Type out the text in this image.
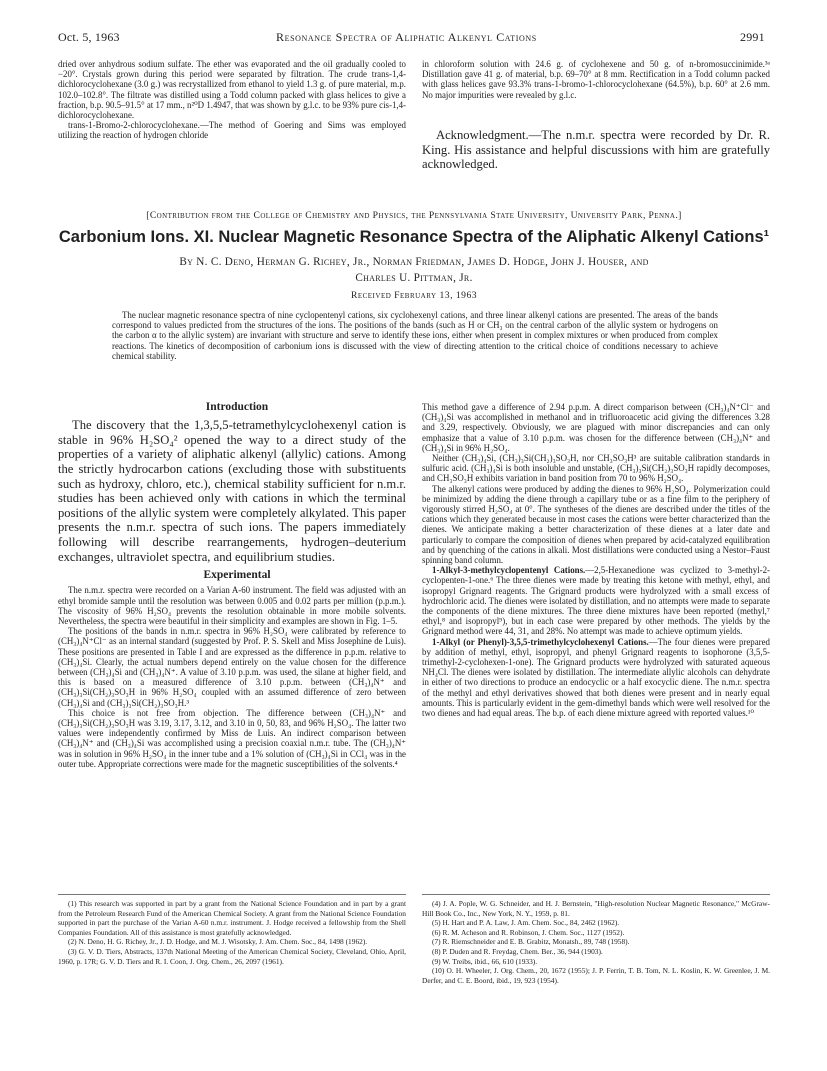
Oct. 5, 1963	Resonance Spectra of Aliphatic Alkenyl Cations	2991

dried over anhydrous sodium sulfate. The ether was evaporated and the oil gradually cooled to −20°. Crystals grown during this period were separated by filtration. The crude trans-1,4-dichlorocyclohexane (3.0 g.) was recrystallized from ethanol to yield 1.3 g. of pure material, m.p. 102.0–102.8°. The filtrate was distilled using a Todd column packed with glass helices to give a fraction, b.p. 90.5–91.5° at 17 mm., n²⁰D 1.4947, that was shown by g.l.c. to be 93% pure cis-1,4-dichlorocyclohexane.

trans-1-Bromo-2-chlorocyclohexane.—The method of Goering and Sims was employed utilizing the reaction of hydrogen chloride

in chloroform solution with 24.6 g. of cyclohexene and 50 g. of n-bromosuccinimide.³ᵃ Distillation gave 41 g. of material, b.p. 69–70° at 8 mm. Rectification in a Todd column packed with glass helices gave 93.3% trans-1-bromo-1-chlorocyclohexane (64.5%), b.p. 60° at 2.6 mm. No major impurities were revealed by g.l.c.

Acknowledgment.—The n.m.r. spectra were recorded by Dr. R. King. His assistance and helpful discussions with him are gratefully acknowledged.

[Contribution from the College of Chemistry and Physics, the Pennsylvania State University, University Park, Penna.]
Carbonium Ions. XI. Nuclear Magnetic Resonance Spectra of the Aliphatic Alkenyl Cations¹
By N. C. Deno, Herman G. Richey, Jr., Norman Friedman, James D. Hodge, John J. Houser, and
Charles U. Pittman, Jr.
Received February 13, 1963

The nuclear magnetic resonance spectra of nine cyclopentenyl cations, six cyclohexenyl cations, and three linear alkenyl cations are presented. The areas of the bands correspond to values predicted from the structures of the ions. The positions of the bands (such as H or CH₃ on the central carbon of the allylic system or hydrogens on the carbon α to the allylic system) are invariant with structure and serve to identify these ions, either when present in complex mixtures or when produced from complex reactions. The kinetics of decomposition of carbonium ions is discussed with the view of directing attention to the critical choice of conditions necessary to achieve chemical stability.

Introduction

The discovery that the 1,3,5,5-tetramethylcyclohexenyl cation is stable in 96% H₂SO₄² opened the way to a direct study of the properties of a variety of aliphatic alkenyl (allylic) cations. Among the strictly hydrocarbon cations (excluding those with substituents such as hydroxy, chloro, etc.), chemical stability sufficient for n.m.r. studies has been achieved only with cations in which the terminal positions of the allylic system were completely alkylated. This paper presents the n.m.r. spectra of such ions. The papers immediately following will describe rearrangements, hydrogen–deuterium exchanges, ultraviolet spectra, and equilibrium studies.

Experimental

The n.m.r. spectra were recorded on a Varian A-60 instrument. The field was adjusted with an ethyl bromide sample until the resolution was between 0.005 and 0.02 parts per million (p.p.m.). The viscosity of 96% H₂SO₄ prevents the resolution obtainable in more mobile solvents. Nevertheless, the spectra were beautiful in their simplicity and examples are shown in Fig. 1–5.

The positions of the bands in n.m.r. spectra in 96% H₂SO₄ were calibrated by reference to (CH₃)₄N⁺Cl⁻ as an internal standard (suggested by Prof. P. S. Skell and Miss Josephine de Luis). These positions are presented in Table I and are expressed as the difference in p.p.m. relative to (CH₃)₄Si. Clearly, the actual numbers depend entirely on the value chosen for the difference between (CH₃)₄Si and (CH₃)₄N⁺. A value of 3.10 p.p.m. was used, the silane at higher field, and this is based on a measured difference of 3.10 p.p.m. between (CH₃)₄N⁺ and (CH₃)₃Si(CH₂)₃SO₃H in 96% H₂SO₄ coupled with an assumed difference of zero between (CH₃)₄Si and (CH₃)₃Si(CH₂)₃SO₃H.³

This choice is not free from objection. The difference between (CH₃)₄N⁺ and (CH₃)₃Si(CH₂)₃SO₃H was 3.19, 3.17, 3.12, and 3.10 in 0, 50, 83, and 96% H₂SO₄. The latter two values were independently confirmed by Miss de Luis. An indirect comparison between (CH₃)₄N⁺ and (CH₃)₄Si was accomplished using a precision coaxial n.m.r. tube. The (CH₃)₄N⁺ was in solution in 96% H₂SO₄ in the inner tube and a 1% solution of (CH₃)₄Si in CCl₄ was in the outer tube. Appropriate corrections were made for the magnetic susceptibilities of the solvents.⁴

This method gave a difference of 2.94 p.p.m. A direct comparison between (CH₃)₄N⁺Cl⁻ and (CH₃)₄Si was accomplished in methanol and in trifluoroacetic acid giving the differences 3.28 and 3.29, respectively. Obviously, we are plagued with minor discrepancies and can only emphasize that a value of 3.10 p.p.m. was chosen for the difference between (CH₃)₄N⁺ and (CH₃)₄Si in 96% H₂SO₄.

Neither (CH₃)₄Si, (CH₃)₃Si(CH₂)₃SO₃H, nor CH₃SO₃H³ are suitable calibration standards in sulfuric acid. (CH₃)₄Si is both insoluble and unstable, (CH₃)₃Si(CH₂)₃SO₃H rapidly decomposes, and CH₃SO₃H exhibits variation in band position from 70 to 96% H₂SO₄.

The alkenyl cations were produced by adding the dienes to 96% H₂SO₄. Polymerization could be minimized by adding the diene through a capillary tube or as a fine film to the periphery of vigorously stirred H₂SO₄ at 0°. The syntheses of the dienes are described under the titles of the cations which they generated because in most cases the cations were better characterized than the dienes. We anticipate making a better characterization of these dienes at a later date and particularly to compare the composition of dienes when prepared by acid-catalyzed equilibration and by quenching of the cations in alkali. Most distillations were conducted using a Nestor–Faust spinning band column.

1-Alkyl-3-methylcyclopentenyl Cations.—2,5-Hexanedione was cyclized to 3-methyl-2-cyclopenten-1-one.⁶ The three dienes were made by treating this ketone with methyl, ethyl, and isopropyl Grignard reagents. The Grignard products were hydrolyzed with a small excess of hydrochloric acid. The dienes were isolated by distillation, and no attempts were made to separate the components of the diene mixtures. The three diene mixtures have been reported (methyl,⁷ ethyl,⁸ and isopropyl⁹), but in each case were prepared by other methods. The yields by the Grignard method were 44, 31, and 28%. No attempt was made to achieve optimum yields.

1-Alkyl (or Phenyl)-3,5,5-trimethylcyclohexenyl Cations.—The four dienes were prepared by addition of methyl, ethyl, isopropyl, and phenyl Grignard reagents to isophorone (3,5,5-trimethyl-2-cyclohexen-1-one). The Grignard products were hydrolyzed with saturated aqueous NH₄Cl. The dienes were isolated by distillation. The intermediate allylic alcohols can dehydrate in either of two directions to produce an endocyclic or a half exocyclic diene. The n.m.r. spectra of the methyl and ethyl derivatives showed that both dienes were present and in nearly equal amounts. This is particularly evident in the gem-dimethyl bands which were well resolved for the two dienes and had equal areas. The b.p. of each diene mixture agreed with reported values.¹⁰

(1) This research was supported in part by a grant from the National Science Foundation and in part by a grant from the Petroleum Research Fund of the American Chemical Society. A grant from the National Science Foundation supported in part the purchase of the Varian A-60 n.m.r. instrument. J. Hodge received a fellowship from the Shell Companies Foundation. All of this assistance is most gratefully acknowledged.

(2) N. Deno, H. G. Richey, Jr., J. D. Hodge, and M. J. Wisotsky, J. Am. Chem. Soc., 84, 1498 (1962).

(3) G. V. D. Tiers, Abstracts, 137th National Meeting of the American Chemical Society, Cleveland, Ohio, April, 1960, p. 17R; G. V. D. Tiers and R. I. Coon, J. Org. Chem., 26, 2097 (1961).

(4) J. A. Pople, W. G. Schneider, and H. J. Bernstein, "High-resolution Nuclear Magnetic Resonance," McGraw-Hill Book Co., Inc., New York, N. Y., 1959, p. 81.

(5) H. Hart and P. A. Law, J. Am. Chem. Soc., 84, 2462 (1962).

(6) R. M. Acheson and R. Robinson, J. Chem. Soc., 1127 (1952).

(7) R. Riemschneider and E. B. Grabitz, Monatsh., 89, 748 (1958).

(8) P. Duden and R. Freydag, Chem. Ber., 36, 944 (1903).

(9) W. Treibs, ibid., 66, 610 (1933).

(10) O. H. Wheeler, J. Org. Chem., 20, 1672 (1955); J. P. Ferrin, T. B. Tom, N. L. Koslin, K. W. Greenlee, J. M. Derfer, and C. E. Boord, ibid., 19, 923 (1954).
